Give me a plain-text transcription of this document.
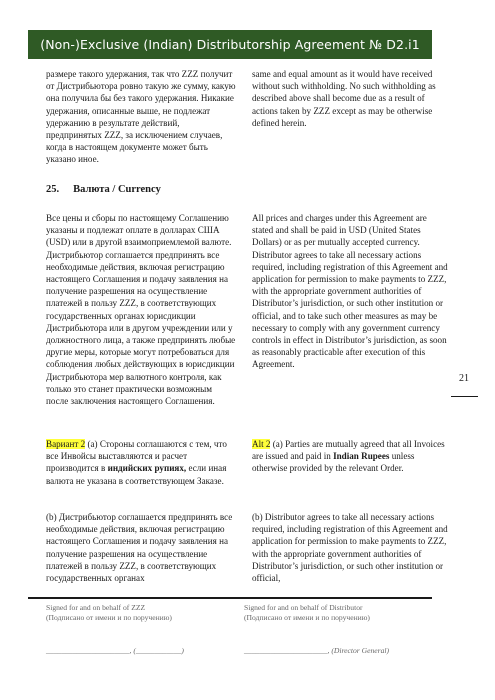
(Non-)Exclusive (Indian) Distributorship Agreement № D2.i1

размере такого удержания, так что ZZZ получит от Дистрибьютора ровно такую же сумму, какую она получила бы без такого удержания. Никакие удержания, описанные выше, не подлежат удержанию в результате действий, предпринятых ZZZ, за исключением случаев, когда в настоящем документе может быть указано иное.

same and equal amount as it would have received without such withholding. No such withholding as described above shall become due as a result of actions taken by ZZZ except as may be otherwise defined herein.

25. Валюта / Currency

Все цены и сборы по настоящему Соглашению указаны и подлежат оплате в долларах США (USD) или в другой взаимоприемлемой валюте. Дистрибьютор соглашается предпринять все необходимые действия, включая регистрацию настоящего Соглашения и подачу заявления на получение разрешения на осуществление платежей в пользу ZZZ, в соответствующих государственных органах юрисдикции Дистрибьютора или в другом учреждении или у должностного лица, а также предпринять любые другие меры, которые могут потребоваться для соблюдения любых действующих в юрисдикции Дистрибьютора мер валютного контроля, как только это станет практически возможным после заключения настоящего Соглашения.

All prices and charges under this Agreement are stated and shall be paid in USD (United States Dollars) or as per mutually accepted currency. Distributor agrees to take all necessary actions required, including registration of this Agreement and application for permission to make payments to ZZZ, with the appropriate government authorities of Distributor’s jurisdiction, or such other institution or official, and to take such other measures as may be necessary to comply with any government currency controls in effect in Distributor’s jurisdiction, as soon as reasonably practicable after execution of this Agreement.

Вариант 2 (a) Стороны соглашаются с тем, что все Инвойсы выставляются и расчет производится в индийских рупиях, если иная валюта не указана в соответствующем Заказе.

Alt 2 (a) Parties are mutually agreed that all Invoices are issued and paid in Indian Rupees unless otherwise provided by the relevant Order.

(b) Дистрибьютор соглашается предпринять все необходимые действия, включая регистрацию настоящего Соглашения и подачу заявления на получение разрешения на осуществление платежей в пользу ZZZ, в соответствующих государственных органах

(b) Distributor agrees to take all necessary actions required, including registration of this Agreement and application for permission to make payments to ZZZ, with the appropriate government authorities of Distributor’s jurisdiction, or such other institution or official,

21
Signed for and on behalf of ZZZ
(Подписано от имени и по поручению)
______________________, (____________)
Signed for and on behalf of Distributor
(Подписано от имени и по поручению)
______________________, (Director General)
